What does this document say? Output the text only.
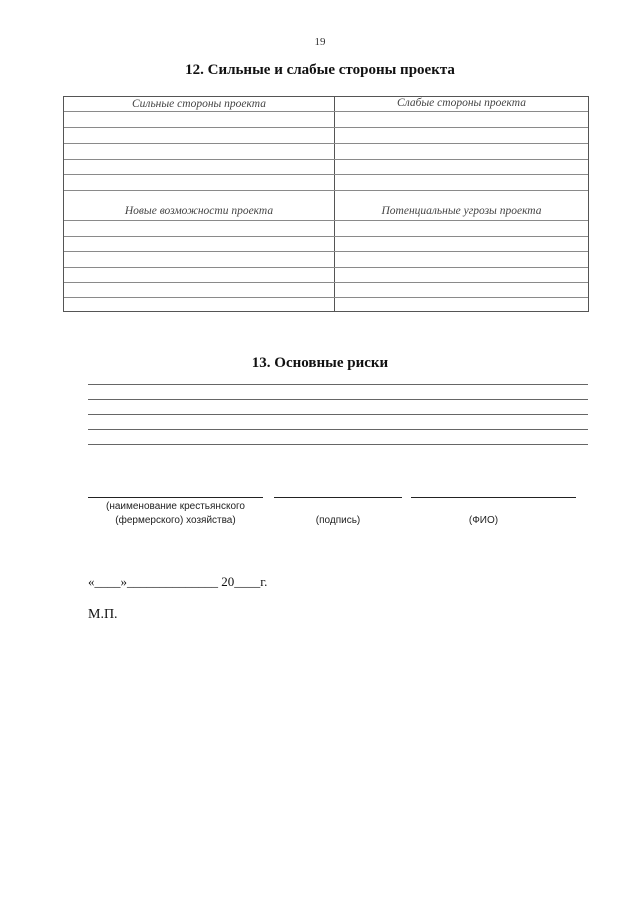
19
12. Сильные и слабые стороны проекта
Сильные стороны проекта	Слабые стороны проекта
Новые возможности проекта	Потенциальные угрозы проекта
13. Основные риски
(наименование крестьянского
(фермерского) хозяйства)	(подпись)	(ФИО)
«____»______________ 20____г.
М.П.
